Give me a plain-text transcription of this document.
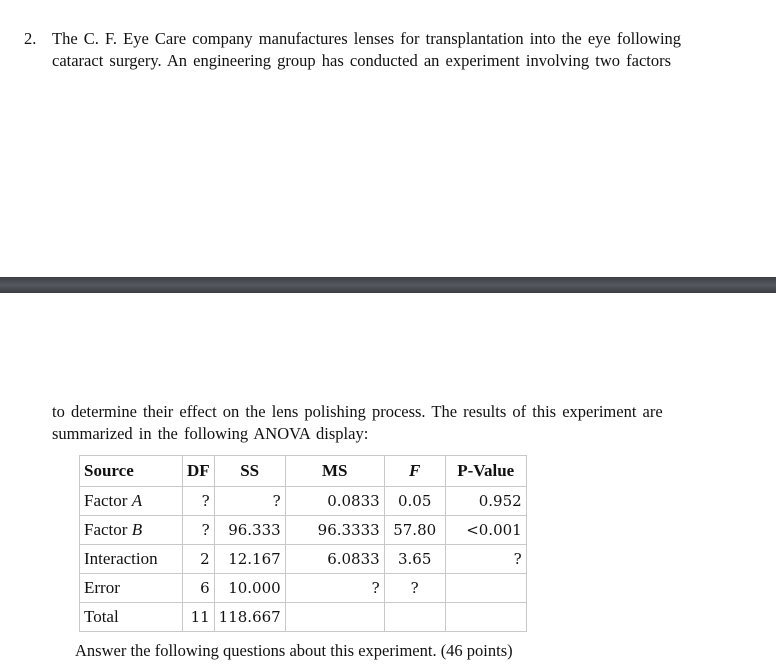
2. The C. F. Eye Care company manufactures lenses for transplantation into the eye following
cataract surgery. An engineering group has conducted an experiment involving two factors
to determine their effect on the lens polishing process. The results of this experiment are
summarized in the following ANOVA display:
Source	DF	SS	MS	F	P-Value
Factor A	?	?	0.0833	0.05	0.952
Factor B	?	96.333	96.3333	57.80	<0.001
Interaction	2	12.167	6.0833	3.65	?
Error	6	10.000	?	?	
Total	11	118.667			
Answer the following questions about this experiment. (46 points)
